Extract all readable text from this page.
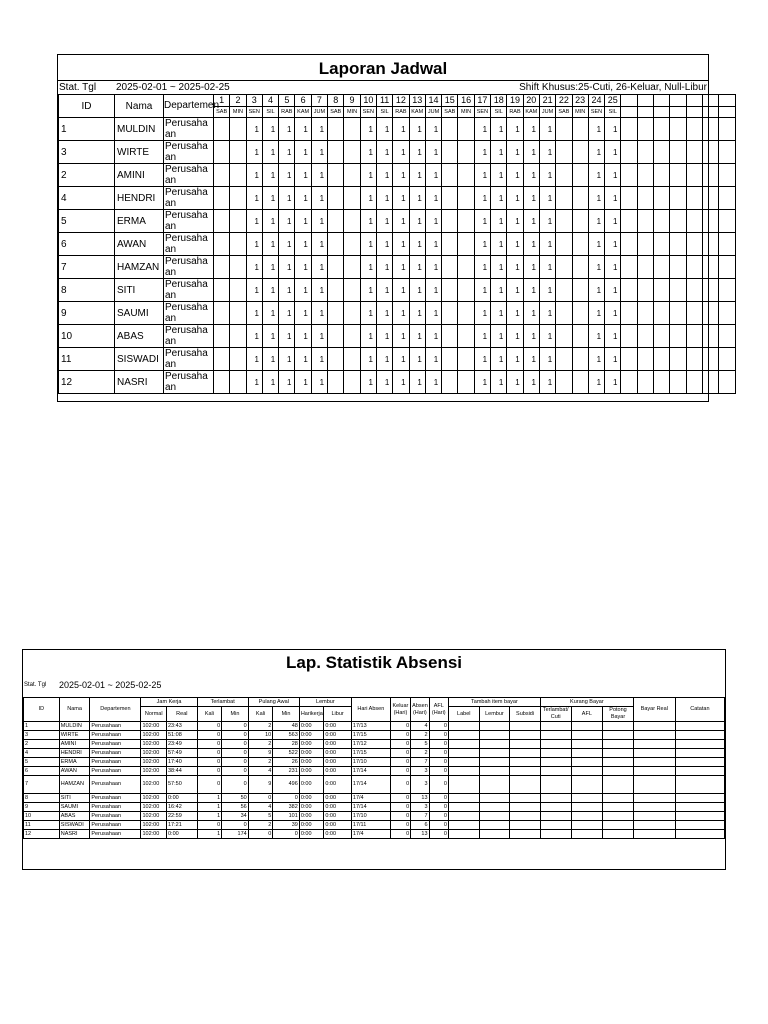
Laporan Jadwal
Stat. Tgl 2025-02-01 ~ 2025-02-25	Shift Khusus:25-Cuti, 26-Keluar, Null-Libur
ID	Nama	Departemen	1	2	3	4	5	6	7	8	9	10	11	12	13	14	15	16	17	18	19	20	21	22	23	24	25							
			SAB	MIN	SEN	SIL	RAB	KAM	JUM	SAB	MIN	SEN	SIL	RAB	KAM	JUM	SAB	MIN	SEN	SIL	RAB	KAM	JUM	SAB	MIN	SEN	SIL							
1	MULDIN	Perusahaan			1	1	1	1	1			1	1	1	1	1			1	1	1	1	1			1	1							
3	WIRTE	Perusahaan			1	1	1	1	1			1	1	1	1	1			1	1	1	1	1			1	1							
2	AMINI	Perusahaan			1	1	1	1	1			1	1	1	1	1			1	1	1	1	1			1	1							
4	HENDRI	Perusahaan			1	1	1	1	1			1	1	1	1	1			1	1	1	1	1			1	1							
5	ERMA	Perusahaan			1	1	1	1	1			1	1	1	1	1			1	1	1	1	1			1	1							
6	AWAN	Perusahaan			1	1	1	1	1			1	1	1	1	1			1	1	1	1	1			1	1							
7	HAMZAN	Perusahaan			1	1	1	1	1			1	1	1	1	1			1	1	1	1	1			1	1							
8	SITI	Perusahaan			1	1	1	1	1			1	1	1	1	1			1	1	1	1	1			1	1							
9	SAUMI	Perusahaan			1	1	1	1	1			1	1	1	1	1			1	1	1	1	1			1	1							
10	ABAS	Perusahaan			1	1	1	1	1			1	1	1	1	1			1	1	1	1	1			1	1							
11	SISWADI	Perusahaan			1	1	1	1	1			1	1	1	1	1			1	1	1	1	1			1	1							
12	NASRI	Perusahaan			1	1	1	1	1			1	1	1	1	1			1	1	1	1	1			1	1							
Lap. Statistik Absensi
Stat. Tgl 2025-02-01 ~ 2025-02-25
ID	Nama	Departemen	Jam Kerja		Terlambat		Pulang Awal		Lembur		Hari Absen	Keluar (Hari)	Absen (Hari)	AFL (Hari)	Tambah item bayar			Kurang Bayar			Bayar Real	Catatan
			Normal	Real	Kali	Min	Kali	Min	Harikerja	Libur					Label	Lembur	Subsidi	Terlambat/ Cuti	AFL	Potong Bayar		
1	MULDIN	Perusahaan	102:00	23:43	0	0	2	48	0:00	0:00	17/13	0	4	0								
3	WIRTE	Perusahaan	102:00	51:08	0	0	10	563	0:00	0:00	17/15	0	2	0								
2	AMINI	Perusahaan	102:00	23:49	0	0	2	28	0:00	0:00	17/12	0	5	0								
4	HENDRI	Perusahaan	102:00	57:49	0	0	9	522	0:00	0:00	17/15	0	2	0								
5	ERMA	Perusahaan	102:00	17:40	0	0	2	26	0:00	0:00	17/10	0	7	0								
6	AWAN	Perusahaan	102:00	38:44	0	0	4	231	0:00	0:00	17/14	0	3	0								
7	HAMZAN	Perusahaan	102:00	57:50	0	0	9	496	0:00	0:00	17/14	0	3	0								
8	SITI	Perusahaan	102:00	0:00	1	50	0	0	0:00	0:00	17/4	0	13	0								
9	SAUMI	Perusahaan	102:00	16:42	1	56	4	382	0:00	0:00	17/14	0	3	0								
10	ABAS	Perusahaan	102:00	22:59	1	34	5	101	0:00	0:00	17/10	0	7	0								
11	SISWADI	Perusahaan	102:00	17:21	0	0	2	39	0:00	0:00	17/11	0	6	0								
12	NASRI	Perusahaan	102:00	0:00	1	174	0	0	0:00	0:00	17/4	0	13	0								
